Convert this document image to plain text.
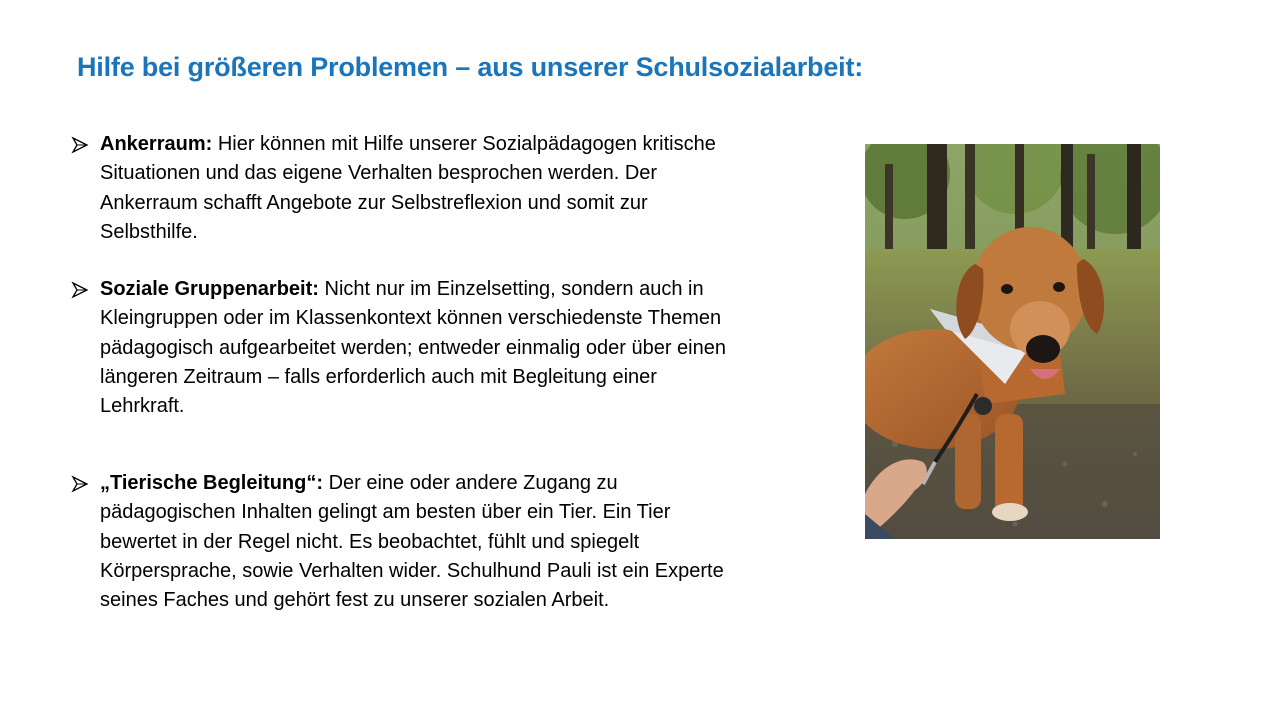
Hilfe bei größeren Problemen – aus unserer Schulsozialarbeit:
Ankerraum: Hier können mit Hilfe unserer Sozialpädagogen kritische Situationen und das eigene Verhalten besprochen werden. Der Ankerraum schafft Angebote zur Selbstreflexion und somit zur Selbsthilfe.
Soziale Gruppenarbeit: Nicht nur im Einzelsetting, sondern auch in Kleingruppen oder im Klassenkontext können verschiedenste Themen pädagogisch aufgearbeitet werden; entweder einmalig oder über einen längeren Zeitraum – falls erforderlich auch mit Begleitung einer Lehrkraft.
„Tierische Begleitung“: Der eine oder andere Zugang zu pädagogischen Inhalten gelingt am besten über ein Tier. Ein Tier bewertet in der Regel nicht. Es beobachtet, fühlt und spiegelt Körpersprache, sowie Verhalten wider. Schulhund Pauli ist ein Experte seines Faches und gehört fest zu unserer sozialen Arbeit.
